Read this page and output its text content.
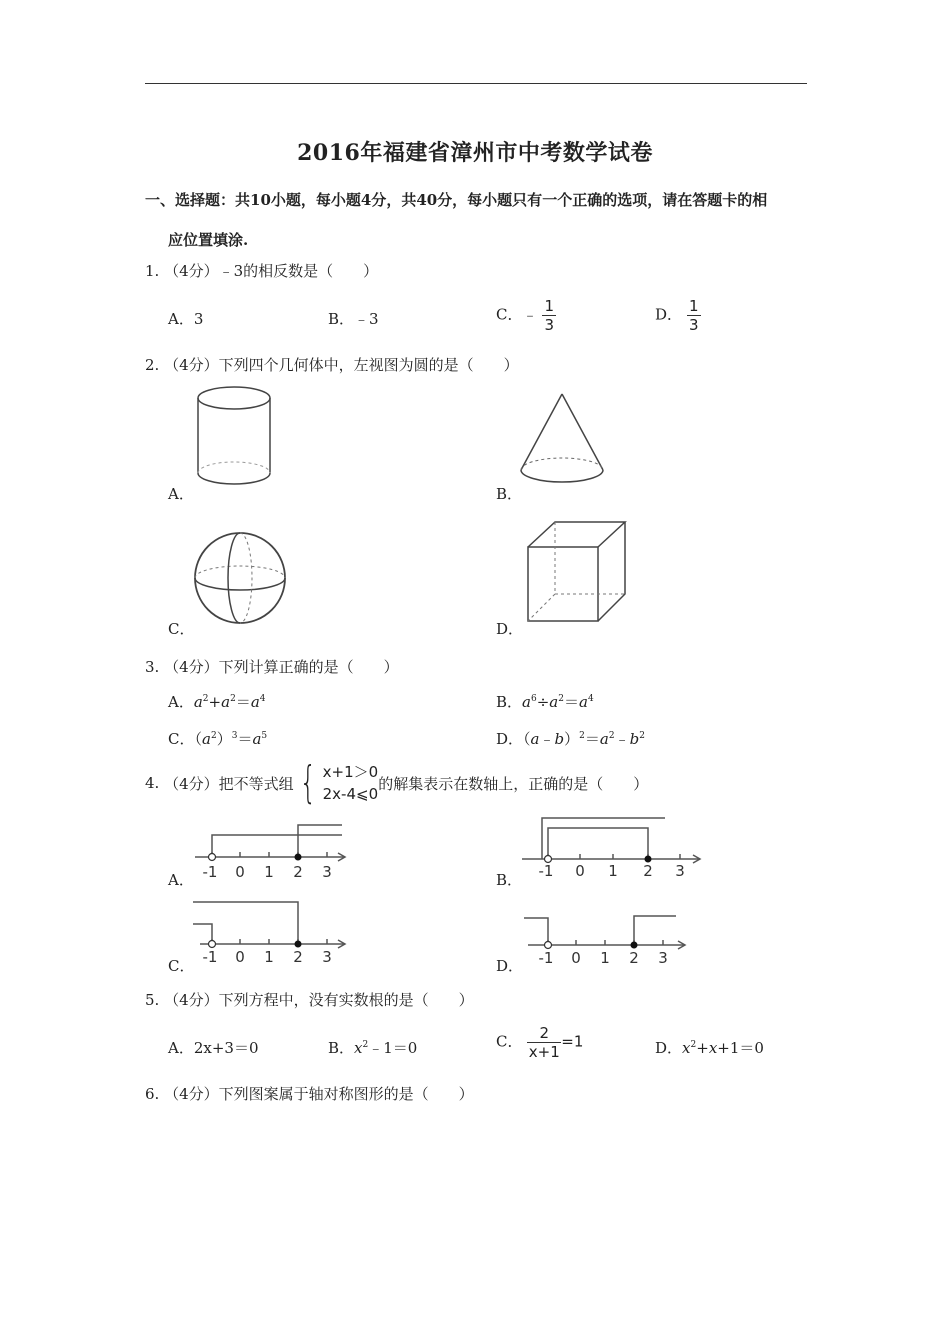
2016年福建省漳州市中考数学试卷
一、选择题：共10小题，每小题4分，共40分，每小题只有一个正确的选项，请在答题卡的相
应位置填涂.
1. （4分）﹣3的相反数是（　　）
A．3	B．﹣3	C．﹣ $\frac{1}{3}$	D． $\frac{1}{3}$
2. （4分）下列四个几何体中，左视图为圆的是（　　）
A．	B．
C．	D．
3. （4分）下列计算正确的是（　　）
A．$a^2+a^2=a^4$	B．$a^6\div a^2=a^4$
C．$(a^2)^3=a^5$	D．$(a﹣b)^2=a^2﹣b^2$
4.
（4分）把不等式组 { x+1＞0
2x-4⩽0
的解集表示在数轴上，正确的是（　　）
A．	B．
C．	D．
-1 0 1 2 3	-1 0 1 2 3
-1 0 1 2 3	-1 0 1 2 3
5. （4分）下列方程中，没有实数根的是（　　）
A．2x+3＝0	B．$x^2﹣1=0$	C． $\frac{2}{x+1} =1$	D．$x^2+x+1=0$
6. （4分）下列图案属于轴对称图形的是（　　）
